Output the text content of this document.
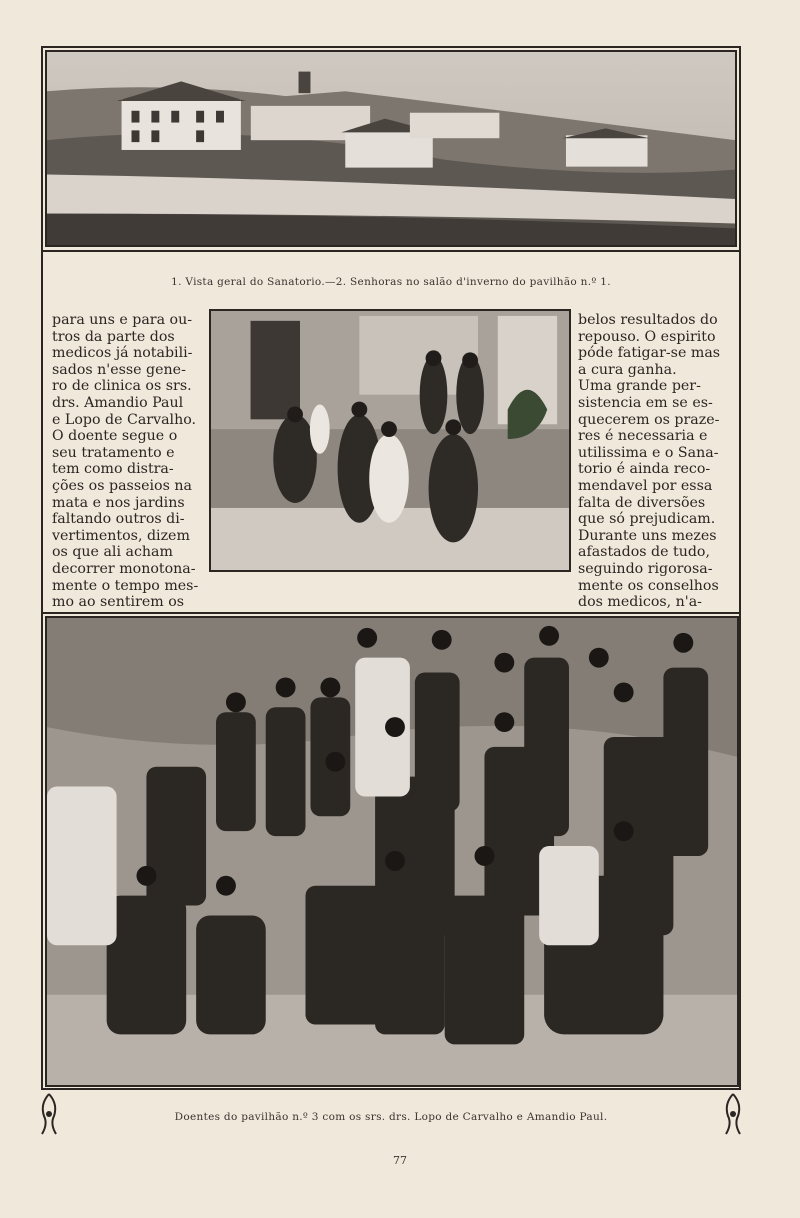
1. Vista geral do Sanatorio.—2. Senhoras no salão d'inverno do pavilhão n.º 1.
para uns e para ou-
tros da parte dos
medicos já notabili-
sados n'esse gene-
ro de clinica os srs.
drs. Amandio Paul
e Lopo de Carvalho.
O doente segue o
seu tratamento e
tem como distra-
ções os passeios na
mata e nos jardins
faltando outros di-
vertimentos, dizem
os que ali acham
decorrer monotona-
mente o tempo mes-
mo ao sentirem os
belos resultados do
repouso. O espirito
póde fatigar-se mas
a cura ganha.
Uma grande per-
sistencia em se es-
quecerem os prazе-
res é necessaria e
utilissima e o Sana-
torio é ainda reco-
mendavel por essa
falta de diversões
que só prejudicam.
Durante uns mezes
afastados de tudo,
seguindo rigorosa-
mente os conselhos
dos medicos, n'a-
Doentes do pavilhão n.º 3 com os srs. drs. Lopo de Carvalho e Amandio Paul.
77
